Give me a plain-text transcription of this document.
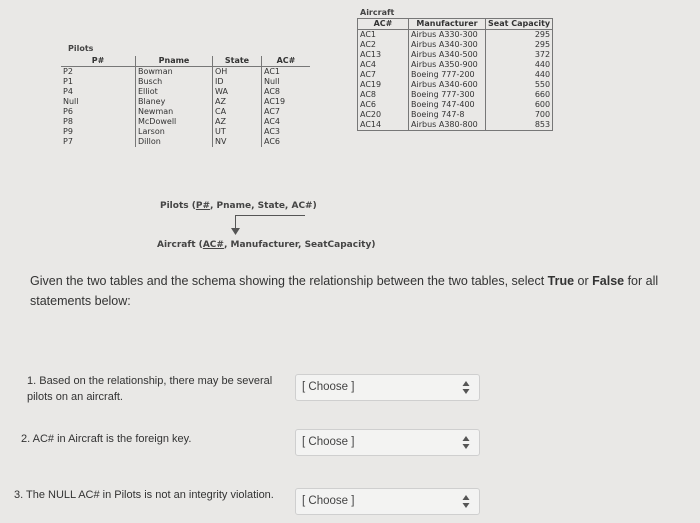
Pilots
P#	Pname	State	AC#
P2	Bowman	OH	AC1
P1	Busch	ID	Null
P4	Elliot	WA	AC8
Null	Blaney	AZ	AC19
P6	Newman	CA	AC7
P8	McDowell	AZ	AC4
P9	Larson	UT	AC3
P7	Dillon	NV	AC6
Aircraft
AC#	Manufacturer	Seat Capacity
AC1	Airbus A330-300	295
AC2	Airbus A340-300	295
AC13	Airbus A340-500	372
AC4	Airbus A350-900	440
AC7	Boeing 777-200	440
AC19	Airbus A340-600	550
AC8	Boeing 777-300	660
AC6	Boeing 747-400	600
AC20	Boeing 747-8	700
AC14	Airbus A380-800	853
Pilots (P#, Pname, State, AC#)
Aircraft (AC#, Manufacturer, SeatCapacity)
Given the two tables and the schema showing the relationship between the two tables, select True or False for all statements below:
1. Based on the relationship, there may be several pilots on an aircraft.
[ Choose ]
2. AC# in Aircraft is the foreign key.	[ Choose ]
3. The NULL AC# in Pilots is not an integrity violation.	[ Choose ]
